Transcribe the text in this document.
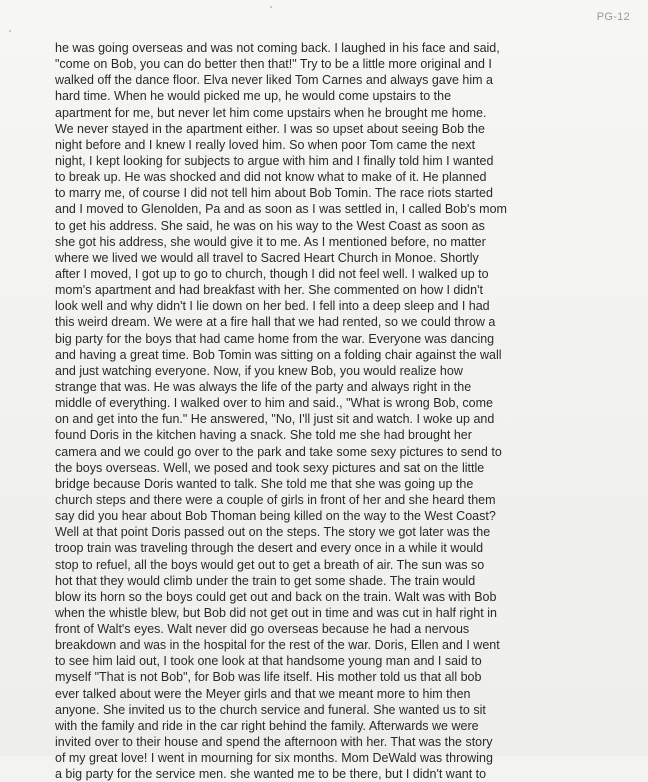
PG-12
he was going overseas and was not coming back. I laughed in his face and said,
"come on Bob, you can do better then that!" Try to be a little more original and I
walked off the dance floor. Elva never liked Tom Carnes and always gave him a
hard time. When he would picked me up, he would come upstairs to the
apartment for me, but never let him come upstairs when he brought me home.
We never stayed in the apartment either. I was so upset about seeing Bob the
night before and I knew I really loved him. So when poor Tom came the next
night, I kept looking for subjects to argue with him and I finally told him I wanted
to break up. He was shocked and did not know what to make of it. He planned
to marry me, of course I did not tell him about Bob Tomin. The race riots started
and I moved to Glenolden, Pa and as soon as I was settled in, I called Bob's mom
to get his address. She said, he was on his way to the West Coast as soon as
she got his address, she would give it to me. As I mentioned before, no matter
where we lived we would all travel to Sacred Heart Church in Monoe. Shortly
after I moved, I got up to go to church, though I did not feel well. I walked up to
mom's apartment and had breakfast with her. She commented on how I didn't
look well and why didn't I lie down on her bed. I fell into a deep sleep and I had
this weird dream. We were at a fire hall that we had rented, so we could throw a
big party for the boys that had came home from the war. Everyone was dancing
and having a great time. Bob Tomin was sitting on a folding chair against the wall
and just watching everyone. Now, if you knew Bob, you would realize how
strange that was. He was always the life of the party and always right in the
middle of everything. I walked over to him and said., "What is wrong Bob, come
on and get into the fun." He answered, "No, I'll just sit and watch. I woke up and
found Doris in the kitchen having a snack. She told me she had brought her
camera and we could go over to the park and take some sexy pictures to send to
the boys overseas. Well, we posed and took sexy pictures and sat on the little
bridge because Doris wanted to talk. She told me that she was going up the
church steps and there were a couple of girls in front of her and she heard them
say did you hear about Bob Thoman being killed on the way to the West Coast?
Well at that point Doris passed out on the steps. The story we got later was the
troop train was traveling through the desert and every once in a while it would
stop to refuel, all the boys would get out to get a breath of air. The sun was so
hot that they would climb under the train to get some shade. The train would
blow its horn so the boys could get out and back on the train. Walt was with Bob
when the whistle blew, but Bob did not get out in time and was cut in half right in
front of Walt's eyes. Walt never did go overseas because he had a nervous
breakdown and was in the hospital for the rest of the war. Doris, Ellen and I went
to see him laid out, I took one look at that handsome young man and I said to
myself "That is not Bob", for Bob was life itself. His mother told us that all bob
ever talked about were the Meyer girls and that we meant more to him then
anyone. She invited us to the church service and funeral. She wanted us to sit
with the family and ride in the car right behind the family. Afterwards we were
invited over to their house and spend the afternoon with her. That was the story
of my great love! I went in mourning for six months. Mom DeWald was throwing
a big party for the service men. she wanted me to be there, but I didn't want to
